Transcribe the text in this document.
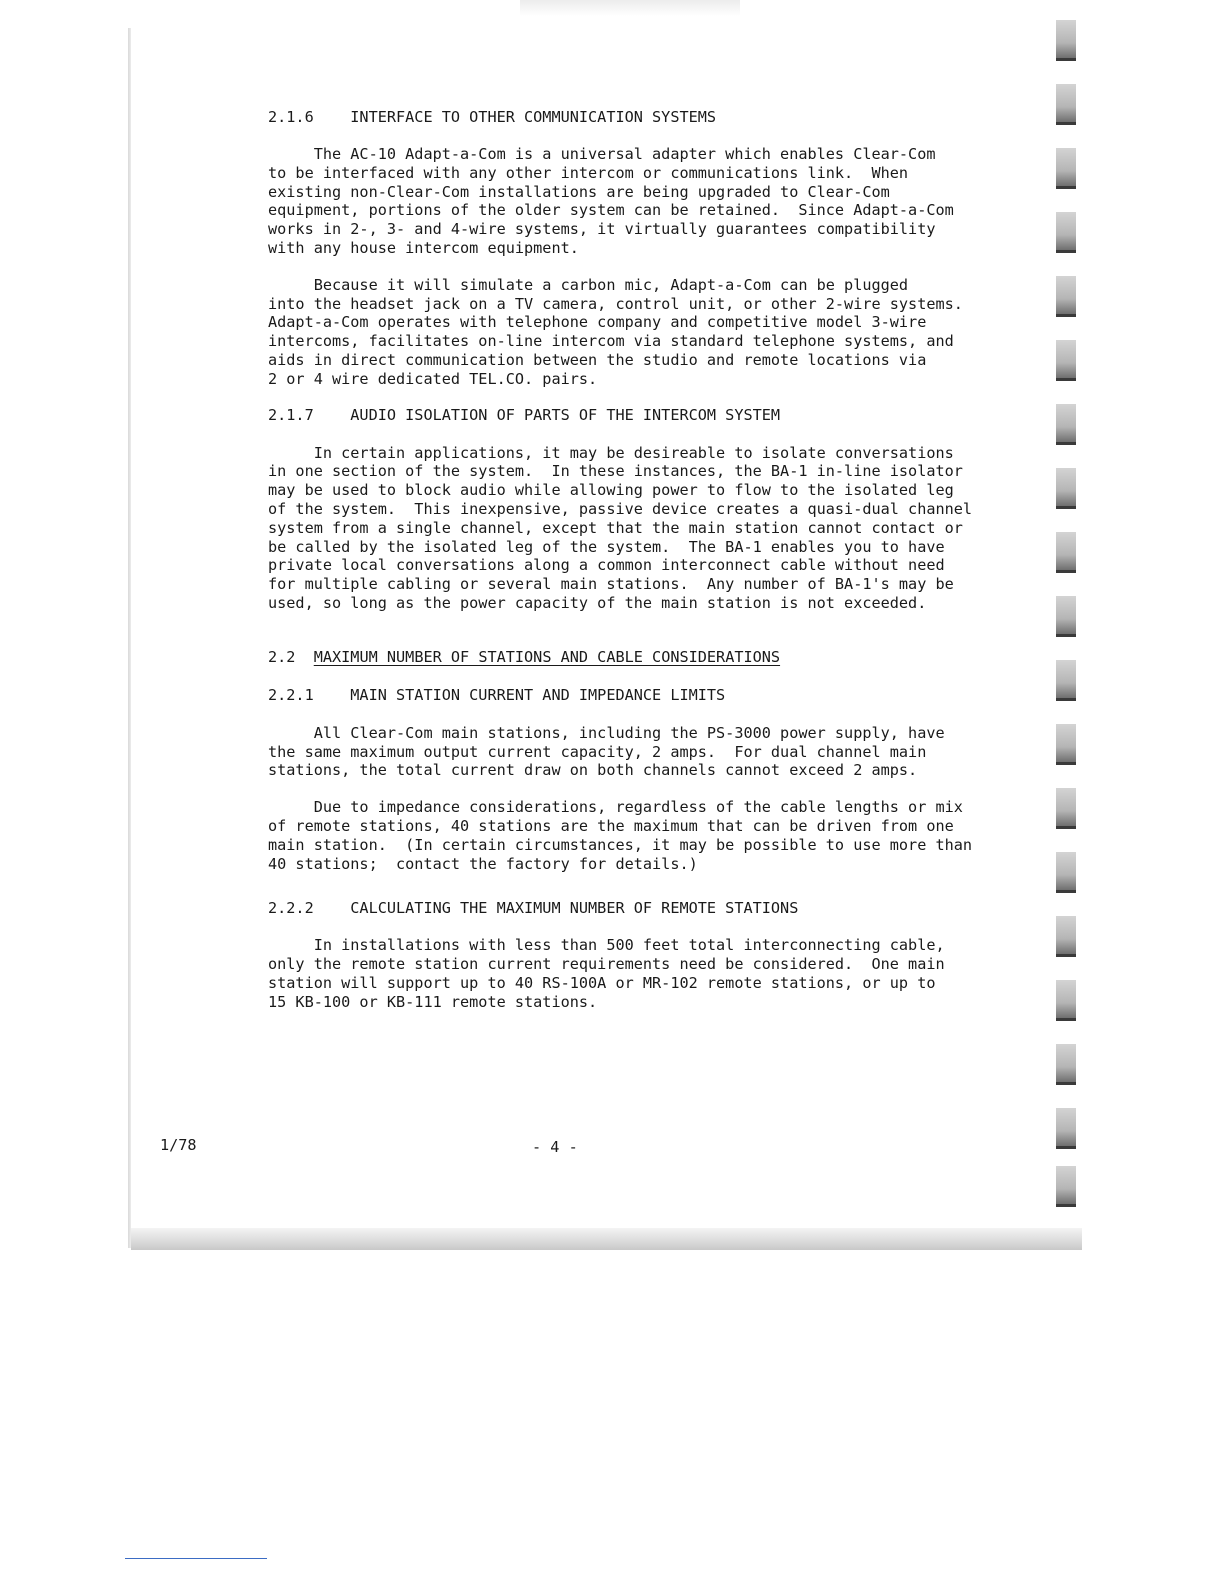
2.1.6    INTERFACE TO OTHER COMMUNICATION SYSTEMS

The AC-10 Adapt-a-Com is a universal adapter which enables Clear-Com
to be interfaced with any other intercom or communications link.  When
existing non-Clear-Com installations are being upgraded to Clear-Com
equipment, portions of the older system can be retained.  Since Adapt-a-Com
works in 2-, 3- and 4-wire systems, it virtually guarantees compatibility
with any house intercom equipment.

Because it will simulate a carbon mic, Adapt-a-Com can be plugged
into the headset jack on a TV camera, control unit, or other 2-wire systems.
Adapt-a-Com operates with telephone company and competitive model 3-wire
intercoms, facilitates on-line intercom via standard telephone systems, and
aids in direct communication between the studio and remote locations via
2 or 4 wire dedicated TEL.CO. pairs.

2.1.7    AUDIO ISOLATION OF PARTS OF THE INTERCOM SYSTEM

In certain applications, it may be desireable to isolate conversations
in one section of the system.  In these instances, the BA-1 in-line isolator
may be used to block audio while allowing power to flow to the isolated leg
of the system.  This inexpensive, passive device creates a quasi-dual channel
system from a single channel, except that the main station cannot contact or
be called by the isolated leg of the system.  The BA-1 enables you to have
private local conversations along a common interconnect cable without need
for multiple cabling or several main stations.  Any number of BA-1's may be
used, so long as the power capacity of the main station is not exceeded.

2.2 MAXIMUM NUMBER OF STATIONS AND CABLE CONSIDERATIONS

2.2.1    MAIN STATION CURRENT AND IMPEDANCE LIMITS

All Clear-Com main stations, including the PS-3000 power supply, have
the same maximum output current capacity, 2 amps.  For dual channel main
stations, the total current draw on both channels cannot exceed 2 amps.

Due to impedance considerations, regardless of the cable lengths or mix
of remote stations, 40 stations are the maximum that can be driven from one
main station.  (In certain circumstances, it may be possible to use more than
40 stations;  contact the factory for details.)

2.2.2    CALCULATING THE MAXIMUM NUMBER OF REMOTE STATIONS

In installations with less than 500 feet total interconnecting cable,
only the remote station current requirements need be considered.  One main
station will support up to 40 RS-100A or MR-102 remote stations, or up to
15 KB-100 or KB-111 remote stations.

1/78	- 4 -
